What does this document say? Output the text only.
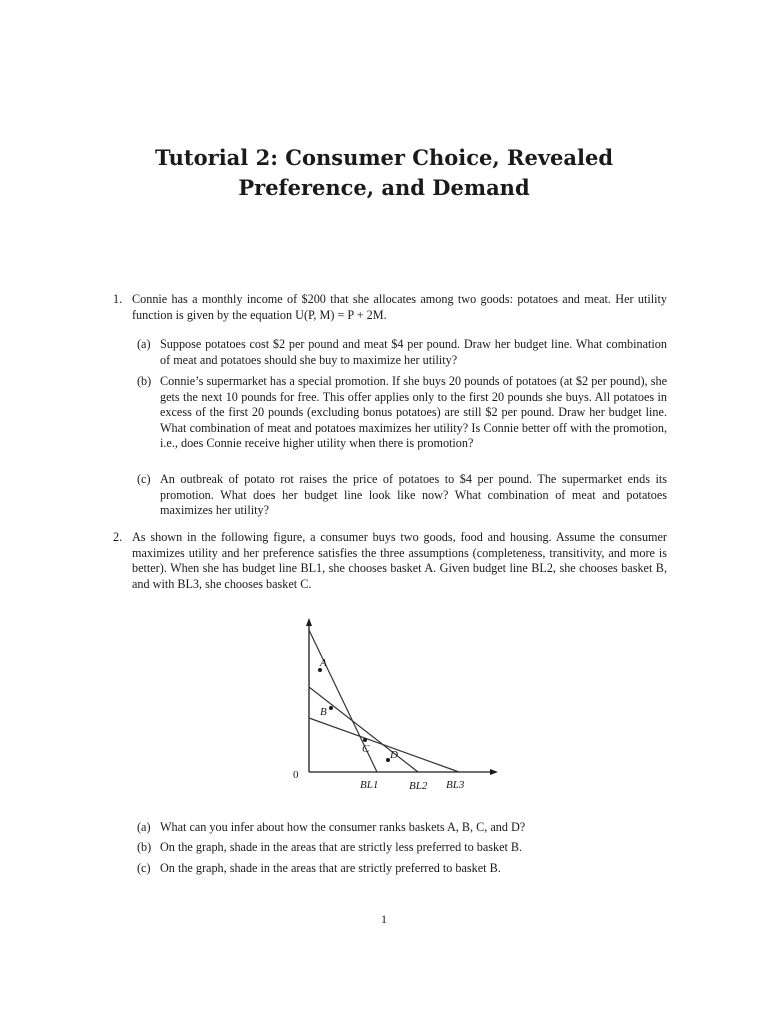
Tutorial 2: Consumer Choice, Revealed Preference, and Demand
1. Connie has a monthly income of $200 that she allocates among two goods: potatoes and meat. Her utility function is given by the equation U(P, M) = P + 2M.
(a) Suppose potatoes cost $2 per pound and meat $4 per pound. Draw her budget line. What combination of meat and potatoes should she buy to maximize her utility?
(b) Connie’s supermarket has a special promotion. If she buys 20 pounds of potatoes (at $2 per pound), she gets the next 10 pounds for free. This offer applies only to the first 20 pounds she buys. All potatoes in excess of the first 20 pounds (excluding bonus potatoes) are still $2 per pound. Draw her budget line. What combination of meat and potatoes maximizes her utility? Is Connie better off with the promotion, i.e., does Connie receive higher utility when there is promotion?
(c) An outbreak of potato rot raises the price of potatoes to $4 per pound. The supermarket ends its promotion. What does her budget line look like now? What combination of meat and potatoes maximizes her utility?
2. As shown in the following figure, a consumer buys two goods, food and housing. Assume the consumer maximizes utility and her preference satisfies the three assumptions (completeness, transitivity, and more is better). When she has budget line BL1, she chooses basket A. Given budget line BL2, she chooses basket B, and with BL3, she chooses basket C.
A
B
C D
0
BL1	BL2 BL3
(a) What can you infer about how the consumer ranks baskets A, B, C, and D?
(b) On the graph, shade in the areas that are strictly less preferred to basket B.
(c) On the graph, shade in the areas that are strictly preferred to basket B.
1
